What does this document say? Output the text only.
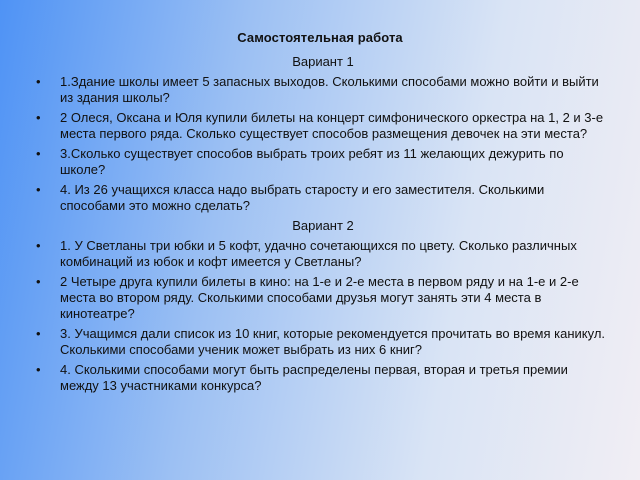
Самостоятельная работа
Вариант 1
• 1.Здание школы имеет 5 запасных выходов. Сколькими способами можно войти и выйти из здания школы?
• 2 Олеся, Оксана и Юля купили билеты на концерт симфонического оркестра на 1, 2 и 3-е места первого ряда. Сколько существует способов размещения девочек на эти места?
• 3.Сколько существует способов выбрать троих ребят из 11 желающих дежурить по школе?
• 4. Из 26 учащихся класса надо выбрать старосту и его заместителя. Сколькими способами это можно сделать?
Вариант 2
• 1. У Светланы три юбки и 5 кофт, удачно сочетающихся по цвету. Сколько различных комбинаций из юбок и кофт имеется у Светланы?
• 2 Четыре друга купили билеты в кино: на 1-е и 2-е места в первом ряду и на 1-е и 2-е места во втором ряду. Сколькими способами друзья могут занять эти 4 места в кинотеатре?
• 3. Учащимся дали список из 10 книг, которые рекомендуется прочитать во время каникул. Сколькими способами ученик может выбрать из них 6 книг?
• 4. Сколькими способами могут быть распределены первая, вторая и третья премии между 13 участниками конкурса?
